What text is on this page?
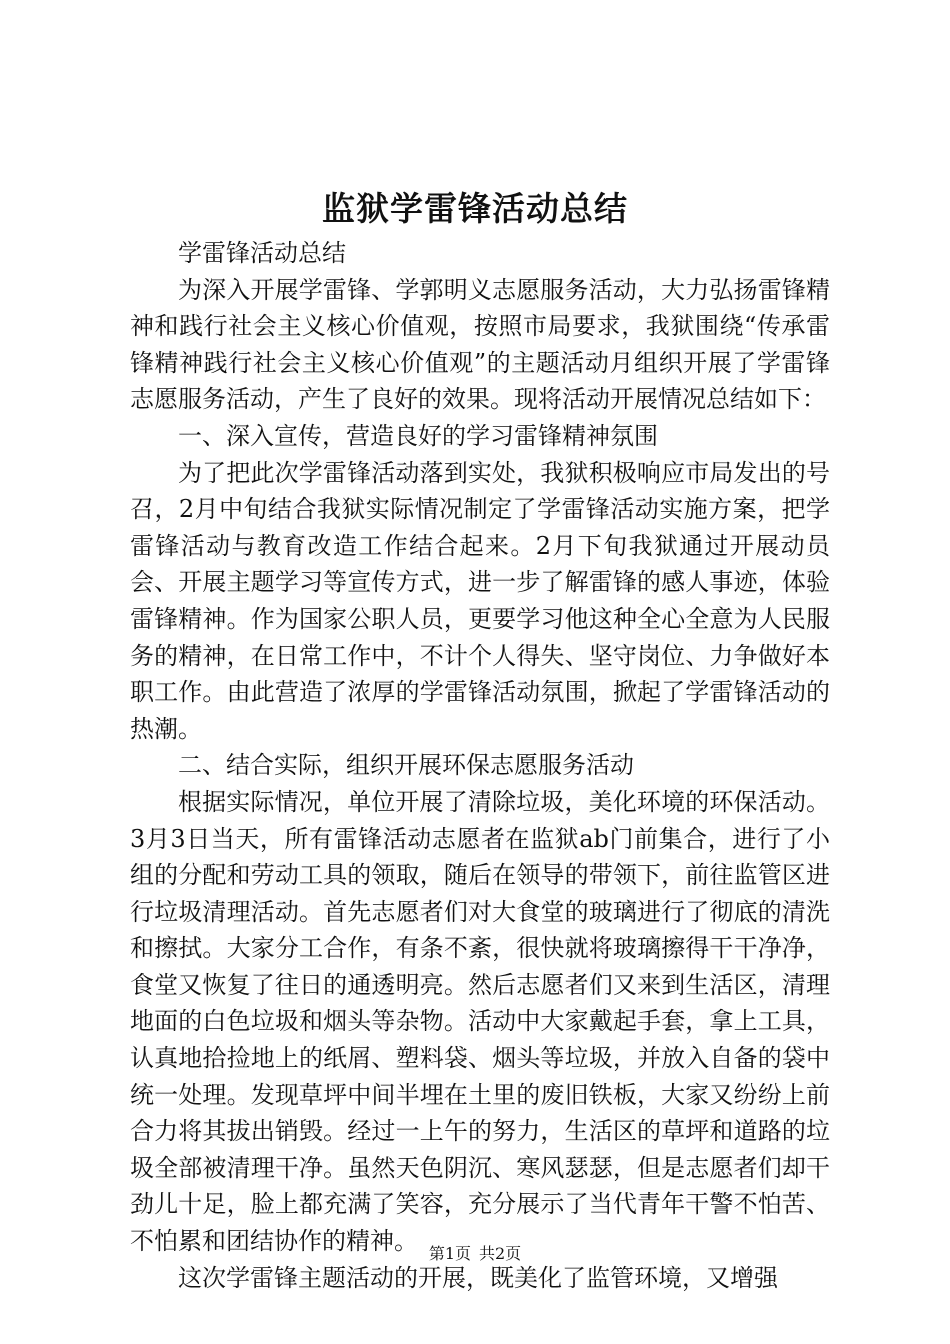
监狱学雷锋活动总结

学雷锋活动总结

为深入开展学雷锋、学郭明义志愿服务活动，大力弘扬雷锋精神和践行社会主义核心价值观，按照市局要求，我狱围绕“传承雷锋精神践行社会主义核心价值观”的主题活动月组织开展了学雷锋志愿服务活动，产生了良好的效果。现将活动开展情况总结如下：

一、深入宣传，营造良好的学习雷锋精神氛围

为了把此次学雷锋活动落到实处，我狱积极响应市局发出的号召，2月中旬结合我狱实际情况制定了学雷锋活动实施方案，把学雷锋活动与教育改造工作结合起来。2月下旬我狱通过开展动员会、开展主题学习等宣传方式，进一步了解雷锋的感人事迹，体验雷锋精神。作为国家公职人员，更要学习他这种全心全意为人民服务的精神，在日常工作中，不计个人得失、坚守岗位、力争做好本职工作。由此营造了浓厚的学雷锋活动氛围，掀起了学雷锋活动的热潮。

二、结合实际，组织开展环保志愿服务活动

根据实际情况，单位开展了清除垃圾，美化环境的环保活动。3月3日当天，所有雷锋活动志愿者在监狱ab门前集合，进行了小组的分配和劳动工具的领取，随后在领导的带领下，前往监管区进行垃圾清理活动。首先志愿者们对大食堂的玻璃进行了彻底的清洗和擦拭。大家分工合作，有条不紊，很快就将玻璃擦得干干净净，食堂又恢复了往日的通透明亮。然后志愿者们又来到生活区，清理地面的白色垃圾和烟头等杂物。活动中大家戴起手套，拿上工具，认真地拾捡地上的纸屑、塑料袋、烟头等垃圾，并放入自备的袋中统一处理。发现草坪中间半埋在土里的废旧铁板，大家又纷纷上前合力将其拔出销毁。经过一上午的努力，生活区的草坪和道路的垃圾全部被清理干净。虽然天色阴沉、寒风瑟瑟，但是志愿者们却干劲儿十足，脸上都充满了笑容，充分展示了当代青年干警不怕苦、不怕累和团结协作的精神。

这次学雷锋主题活动的开展，既美化了监管环境，又增强

第1页 共2页
